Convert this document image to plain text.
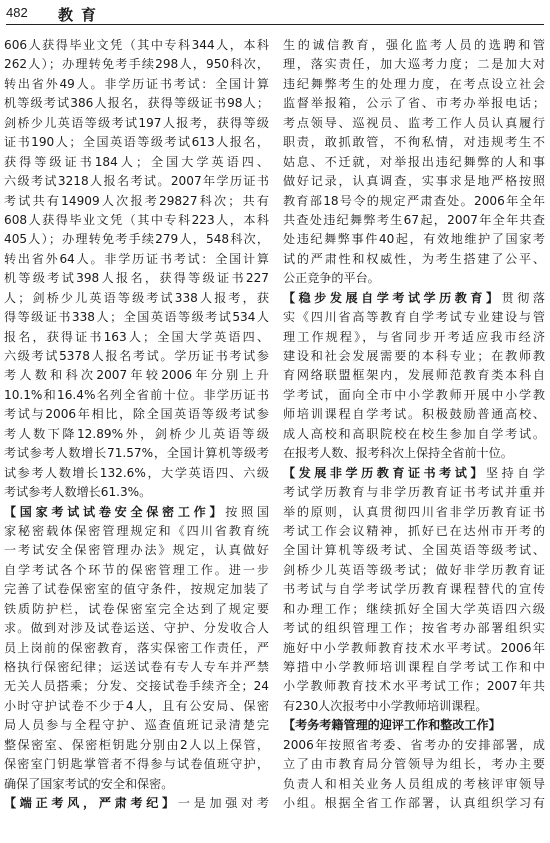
482 教育
606人获得毕业文凭（其中专科344人，本科
262人）；办理转免考手续298人，950科次，
转出省外49人。非学历证书考试：全国计算
机等级考试386人报名，获得等级证书98人；
剑桥少儿英语等级考试197人报考，获得等级
证书190人；全国英语等级考试613人报名，
获得等级证书184人；全国大学英语四、
六级考试3218人报名考试。2007年学历证书
考试共有14909人次报考29827科次；共有
608人获得毕业文凭（其中专科223人，本科
405人）；办理转免考手续279人，548科次，
转出省外64人。非学历证书考试：全国计算
机等级考试398人报名，获得等级证书227
人；剑桥少儿英语等级考试338人报考，获
得等级证书338人；全国英语等级考试534人
报名，获得证书163人；全国大学英语四、
六级考试5378人报名考试。学历证书考试参
考人数和科次2007年较2006年分别上升
10.1%和16.4%名列全省前十位。非学历证书
考试与2006年相比，除全国英语等级考试参
考人数下降12.89%外，剑桥少儿英语等级
考试参考人数增长71.57%，全国计算机等级考
试参考人数增长132.6%，大学英语四、六级
考试参考人数增长61.3%。
【国家考试试卷安全保密工作】按照国
家秘密载体保密管理规定和《四川省教育统
一考试安全保密管理办法》规定，认真做好
自学考试各个环节的保密管理工作。进一步
完善了试卷保密室的值守条件，按规定加装了
铁质防护栏，试卷保密室完全达到了规定要
求。做到对涉及试卷运送、守护、分发收合人
员上岗前的保密教育，落实保密工作责任，严
格执行保密纪律；运送试卷有专人专车并严禁
无关人员搭乘；分发、交接试卷手续齐全；24
小时守护试卷不少于4人，且有公安局、保密
局人员参与全程守护、巡查值班记录清楚完
整保密室、保密柜钥匙分别由2人以上保管，
保密室门钥匙掌管者不得参与试卷值班守护，
确保了国家考试的安全和保密。
【端正考风，严肃考纪】一是加强对考
生的诚信教育，强化监考人员的选聘和管
理，落实责任，加大巡考力度；二是加大对
违纪舞弊考生的处理力度，在考点设立社会
监督举报箱，公示了省、市考办举报电话；
考点领导、巡视员、监考工作人员认真履行
职责，敢抓敢管，不徇私情，对违规考生不
姑息、不迁就，对举报出违纪舞弊的人和事
做好记录，认真调查，实事求是地严格按照
教育部18号令的规定严肃查处。2006年全年
共查处违纪舞弊考生67起，2007年全年共查
处违纪舞弊事件40起，有效地维护了国家考
试的严肃性和权威性，为考生搭建了公平、
公正竞争的平台。
【稳步发展自学考试学历教育】贯彻落
实《四川省高等教育自学考试专业建设与管
理工作规程》，与省同步开考适应我市经济
建设和社会发展需要的本科专业；在教师教
育网络联盟框架内，发展师范教育类本科自
学考试，面向全市中小学教师开展中小学教
师培训课程自学考试。积极鼓励普通高校、
成人高校和高职院校在校生参加自学考试。
在报考人数、报考科次上保持全省前十位。
【发展非学历教育证书考试】坚持自学
考试学历教育与非学历教育证书考试并重并
举的原则，认真贯彻四川省非学历教育证书
考试工作会议精神，抓好已在达州市开考的
全国计算机等级考试、全国英语等级考试、
剑桥少儿英语等级考试；做好非学历教育证
书考试与自学考试学历教育课程替代的宣传
和办理工作；继续抓好全国大学英语四六级
考试的组织管理工作；按省考办部署组织实
施好中小学教师教育技术水平考试。2006年
筹措中小学教师培训课程自学考试工作和中
小学教师教育技术水平考试工作；2007年共
有230人次报考中小学教师培训课程。
【考务考籍管理的迎评工作和整改工作】
2006年按照省考委、省考办的安排部署，成
立了由市教育局分管领导为组长，考办主要
负责人和相关业务人员组成的考核评审领导
小组。根据全省工作部署，认真组织学习有
